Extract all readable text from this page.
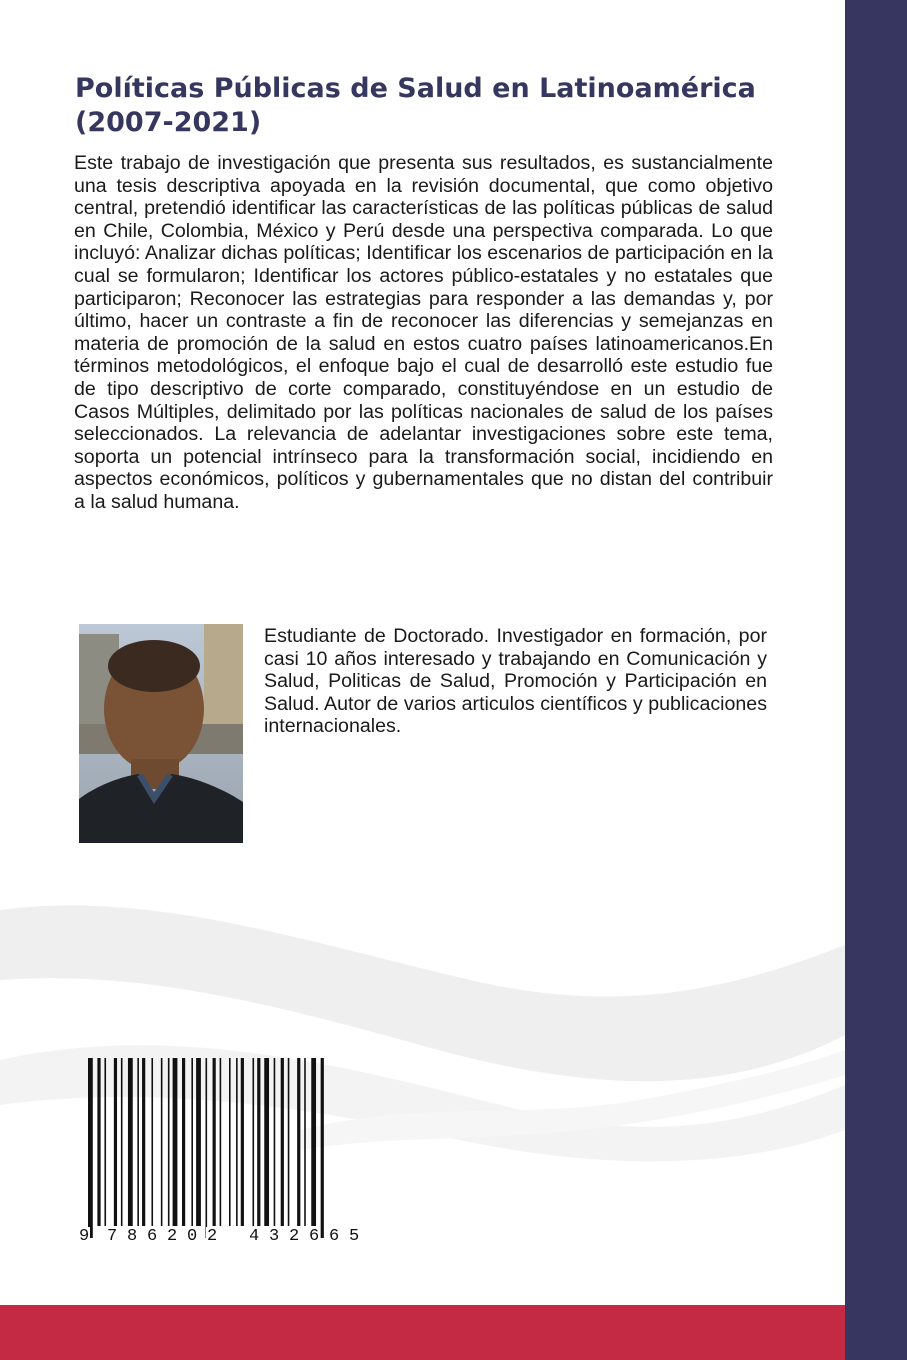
Políticas Públicas de Salud en Latinoamérica (2007-2021)

Este trabajo de investigación que presenta sus resultados, es sustancialmente una tesis descriptiva apoyada en la revisión documental, que como objetivo central, pretendió identificar las características de las políticas públicas de salud en Chile, Colombia, México y Perú desde una perspectiva comparada. Lo que incluyó: Analizar dichas políticas; Identificar los escenarios de participación en la cual se formularon; Identificar los actores público-estatales y no estatales que participaron; Reconocer las estrategias para responder a las demandas y, por último, hacer un contraste a fin de reconocer las diferencias y semejanzas en materia de promoción de la salud en estos cuatro países latinoamericanos.En términos metodológicos, el enfoque bajo el cual de desarrolló este estudio fue de tipo descriptivo de corte comparado, constituyéndose en un estudio de Casos Múltiples, delimitado por las políticas nacionales de salud de los países seleccionados. La relevancia de adelantar investigaciones sobre este tema, soporta un potencial intrínseco para la transformación social, incidiendo en aspectos económicos, políticos y gubernamentales que no distan del contribuir a la salud humana.

Estudiante de Doctorado. Investigador en formación, por casi 10 años interesado y trabajando en Comunicación y Salud, Politicas de Salud, Promoción y Participación en Salud. Autor de varios articulos científicos y publicaciones internacionales.

9 7 8 6 2 0 2 4 3 2 6 6 5
